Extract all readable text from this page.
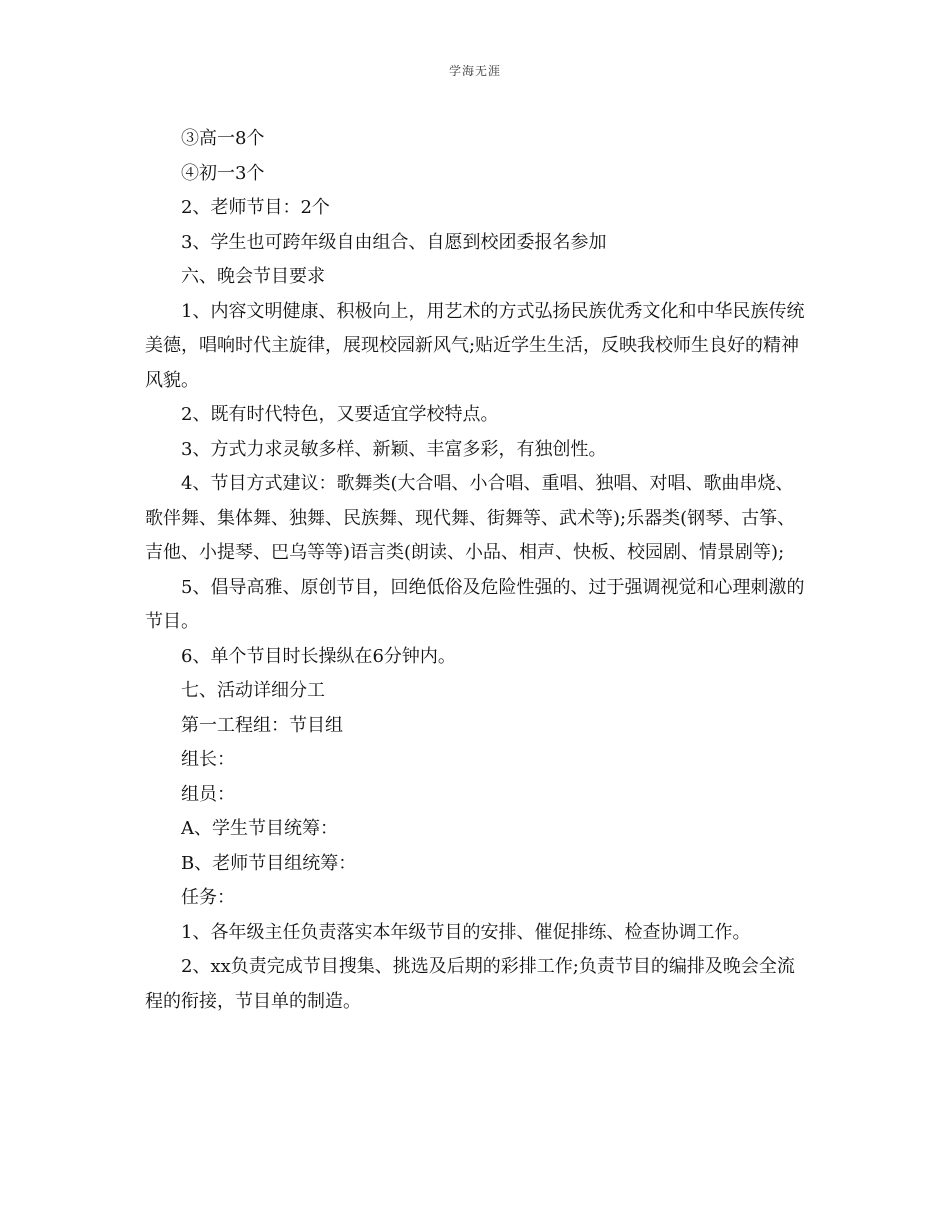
学海无涯

③高一8个

④初一3个

2、老师节目：2个

3、学生也可跨年级自由组合、自愿到校团委报名参加

六、晚会节目要求

1、内容文明健康、积极向上，用艺术的方式弘扬民族优秀文化和中华民族传统美德，唱响时代主旋律，展现校园新风气;贴近学生生活，反映我校师生良好的精神风貌。

2、既有时代特色，又要适宜学校特点。

3、方式力求灵敏多样、新颖、丰富多彩，有独创性。

4、节目方式建议：歌舞类(大合唱、小合唱、重唱、独唱、对唱、歌曲串烧、歌伴舞、集体舞、独舞、民族舞、现代舞、街舞等、武术等);乐器类(钢琴、古筝、吉他、小提琴、巴乌等等)语言类(朗读、小品、相声、快板、校园剧、情景剧等);

5、倡导高雅、原创节目，回绝低俗及危险性强的、过于强调视觉和心理刺激的节目。

6、单个节目时长操纵在6分钟内。

七、活动详细分工

第一工程组：节目组

组长：

组员：

A、学生节目统筹：

B、老师节目组统筹：

任务：

1、各年级主任负责落实本年级节目的安排、催促排练、检查协调工作。

2、xx负责完成节目搜集、挑选及后期的彩排工作;负责节目的编排及晚会全流程的衔接，节目单的制造。
